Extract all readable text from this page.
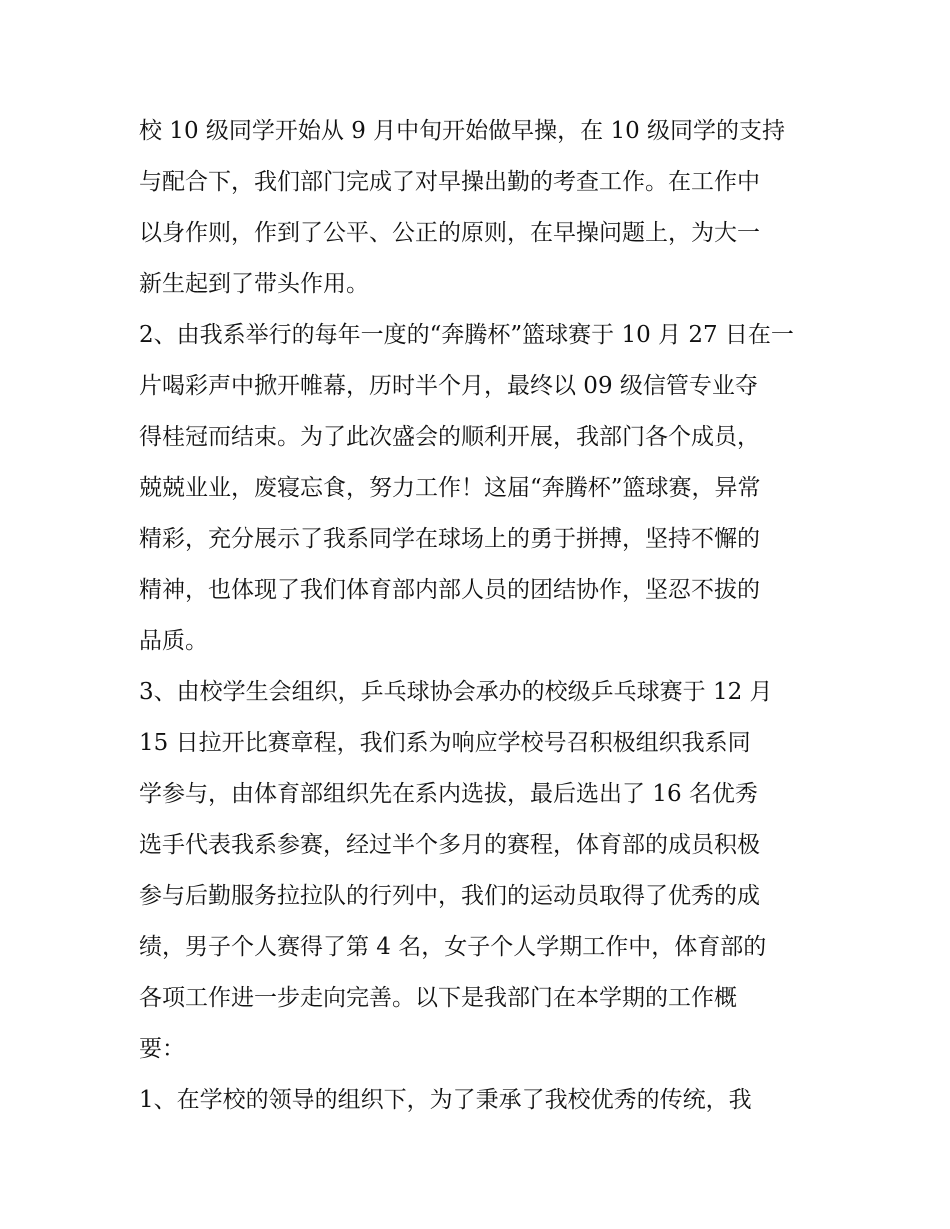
校 10 级同学开始从 9 月中旬开始做早操，在 10 级同学的支持
与配合下，我们部门完成了对早操出勤的考查工作。在工作中
以身作则，作到了公平、公正的原则，在早操问题上，为大一
新生起到了带头作用。
2、由我系举行的每年一度的“奔腾杯”篮球赛于 10 月 27 日在一
片喝彩声中掀开帷幕，历时半个月，最终以 09 级信管专业夺
得桂冠而结束。为了此次盛会的顺利开展，我部门各个成员，
兢兢业业，废寝忘食，努力工作！这届“奔腾杯”篮球赛，异常
精彩，充分展示了我系同学在球场上的勇于拼搏，坚持不懈的
精神，也体现了我们体育部内部人员的团结协作，坚忍不拔的
品质。
3、由校学生会组织，乒乓球协会承办的校级乒乓球赛于 12 月
15 日拉开比赛章程，我们系为响应学校号召积极组织我系同
学参与，由体育部组织先在系内选拔，最后选出了 16 名优秀
选手代表我系参赛，经过半个多月的赛程，体育部的成员积极
参与后勤服务拉拉队的行列中，我们的运动员取得了优秀的成
绩，男子个人赛得了第 4 名，女子个人学期工作中，体育部的
各项工作进一步走向完善。以下是我部门在本学期的工作概
要：
1、在学校的领导的组织下，为了秉承了我校优秀的传统，我
